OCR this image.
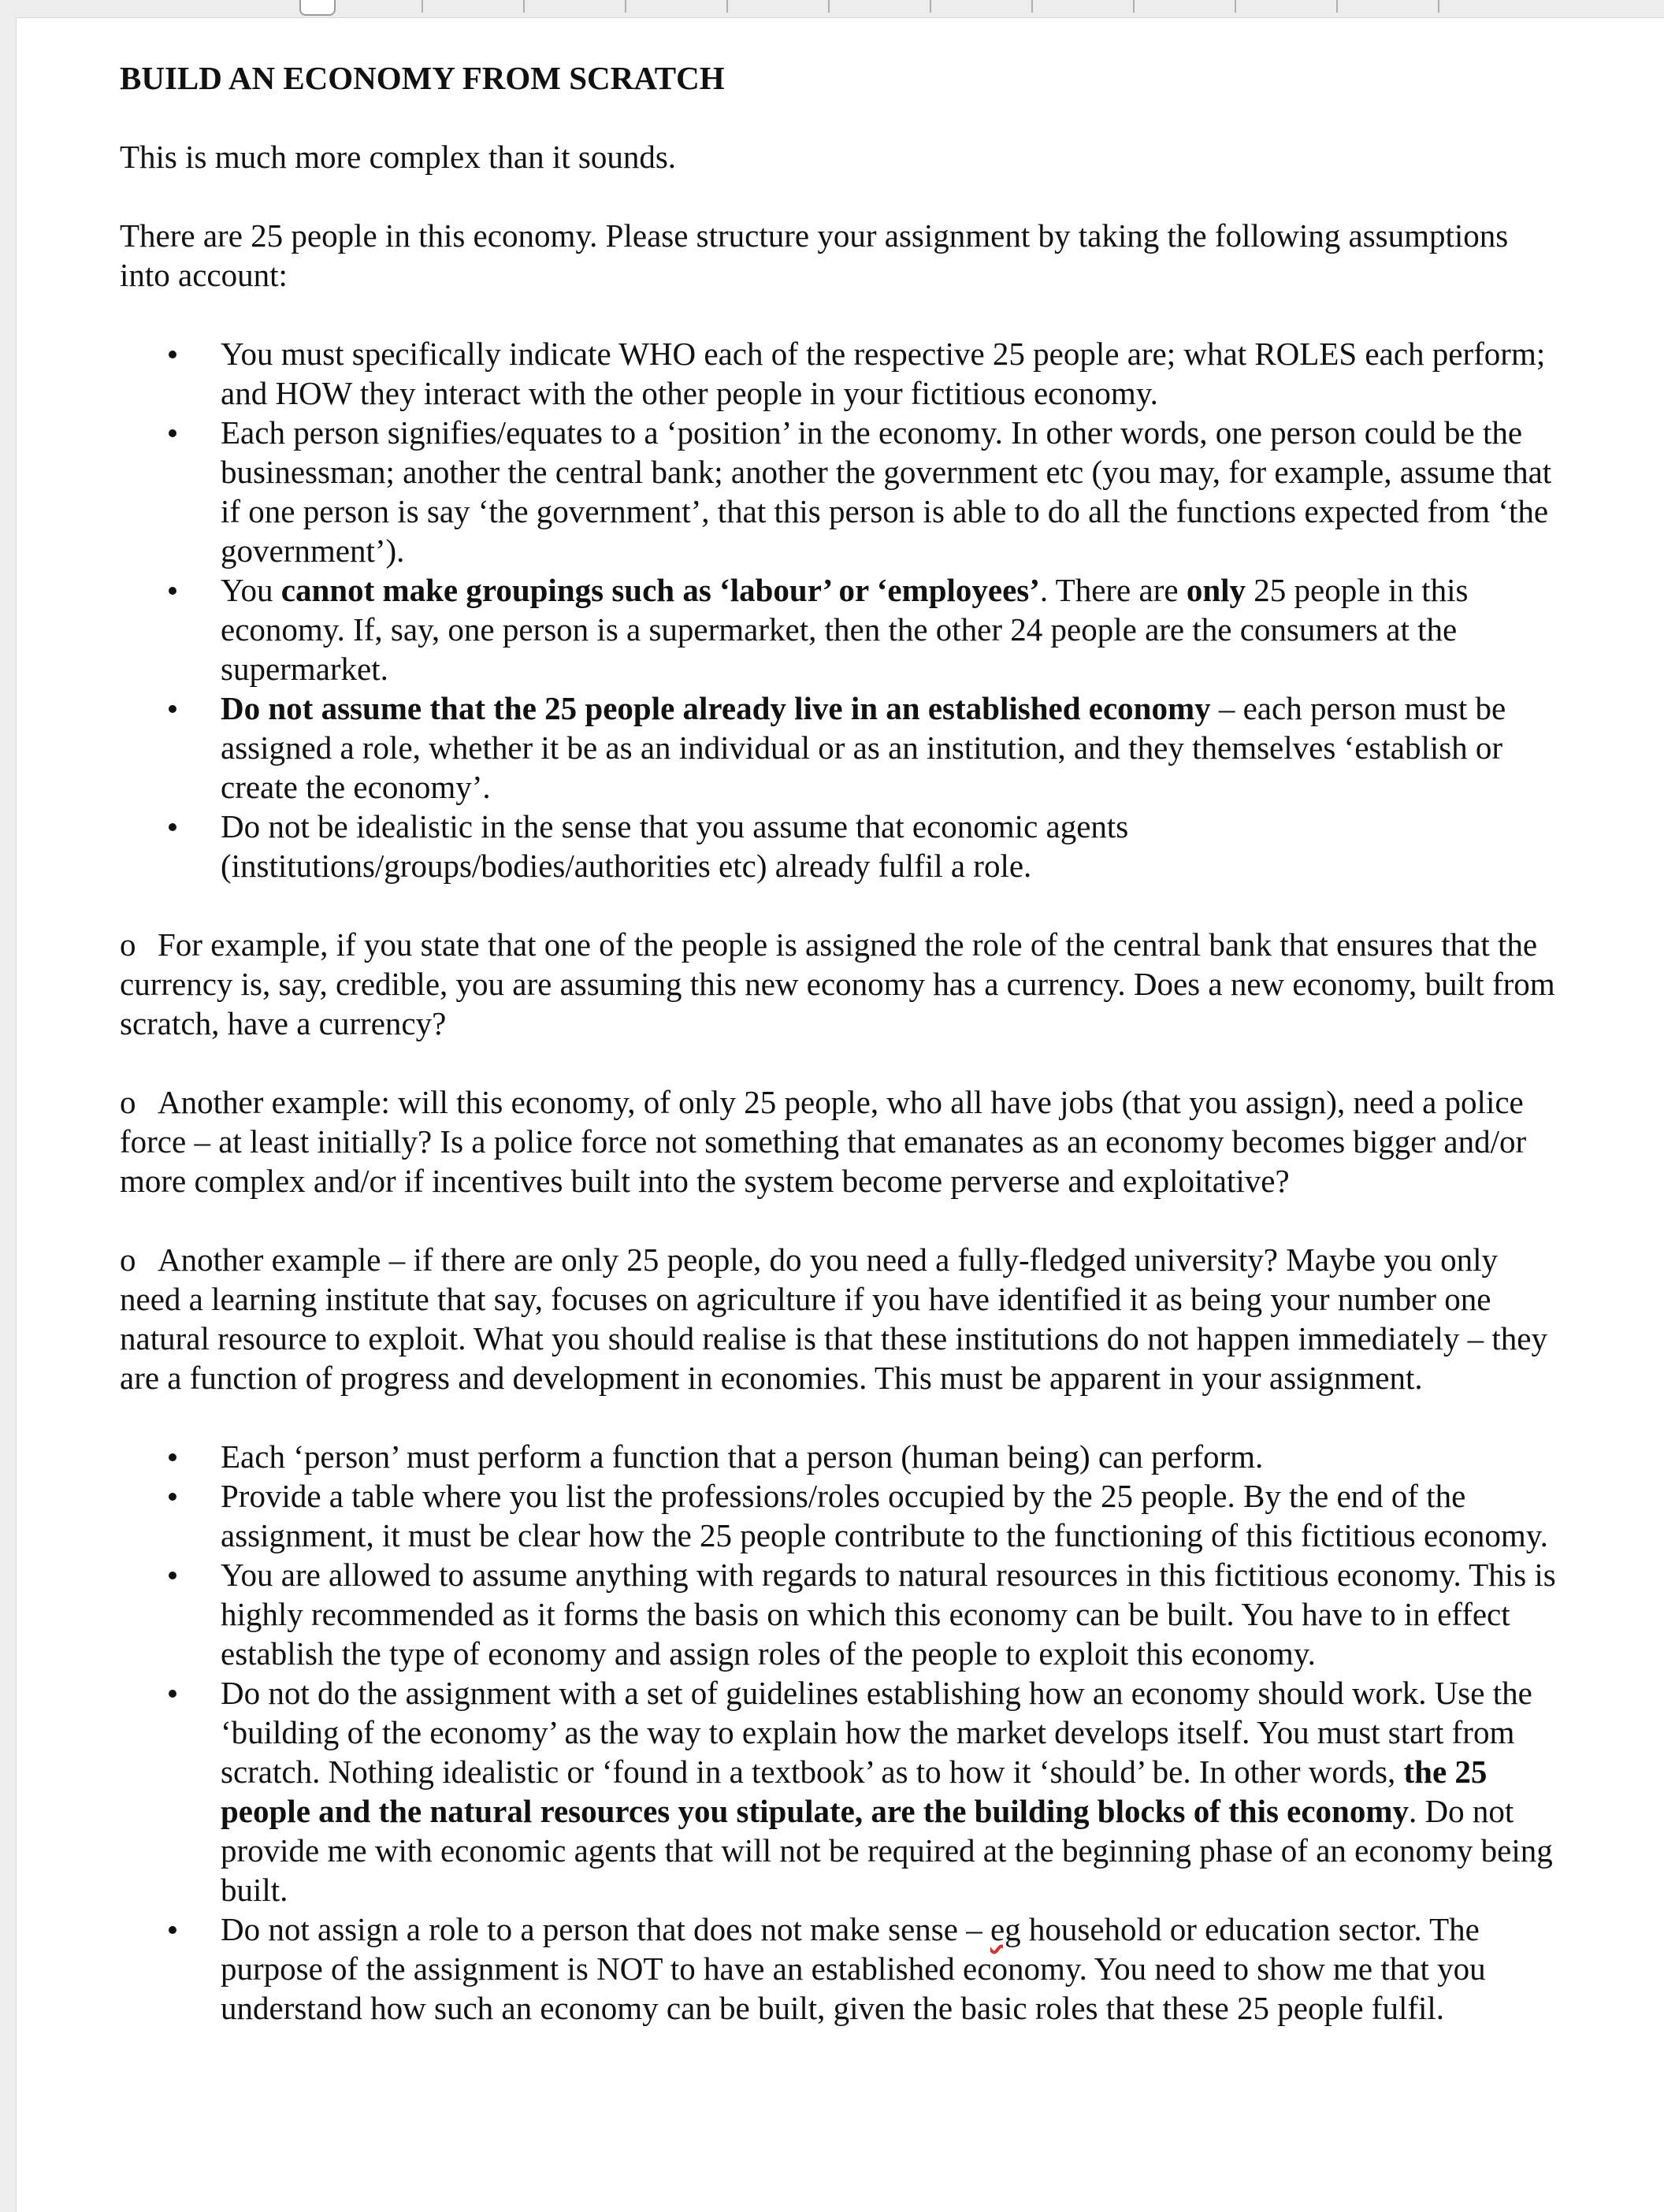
BUILD AN ECONOMY FROM SCRATCH

This is much more complex than it sounds.

There are 25 people in this economy. Please structure your assignment by taking the following assumptions into account:

You must specifically indicate WHO each of the respective 25 people are; what ROLES each perform; and HOW they interact with the other people in your fictitious economy.
Each person signifies/equates to a ‘position’ in the economy. In other words, one person could be the businessman; another the central bank; another the government etc (you may, for example, assume that if one person is say ‘the government’, that this person is able to do all the functions expected from ‘the government’).
You cannot make groupings such as ‘labour’ or ‘employees’. There are only 25 people in this economy. If, say, one person is a supermarket, then the other 24 people are the consumers at the supermarket.
Do not assume that the 25 people already live in an established economy – each person must be assigned a role, whether it be as an individual or as an institution, and they themselves ‘establish or create the economy’.
Do not be idealistic in the sense that you assume that economic agents (institutions/groups/bodies/authorities etc) already fulfil a role.

o For example, if you state that one of the people is assigned the role of the central bank that ensures that the currency is, say, credible, you are assuming this new economy has a currency. Does a new economy, built from scratch, have a currency?

o Another example: will this economy, of only 25 people, who all have jobs (that you assign), need a police force – at least initially? Is a police force not something that emanates as an economy becomes bigger and/or more complex and/or if incentives built into the system become perverse and exploitative?

o Another example – if there are only 25 people, do you need a fully-fledged university? Maybe you only need a learning institute that say, focuses on agriculture if you have identified it as being your number one natural resource to exploit. What you should realise is that these institutions do not happen immediately – they are a function of progress and development in economies. This must be apparent in your assignment.

Each ‘person’ must perform a function that a person (human being) can perform.
Provide a table where you list the professions/roles occupied by the 25 people. By the end of the assignment, it must be clear how the 25 people contribute to the functioning of this fictitious economy.
You are allowed to assume anything with regards to natural resources in this fictitious economy. This is highly recommended as it forms the basis on which this economy can be built. You have to in effect establish the type of economy and assign roles of the people to exploit this economy.
Do not do the assignment with a set of guidelines establishing how an economy should work. Use the ‘building of the economy’ as the way to explain how the market develops itself. You must start from scratch. Nothing idealistic or ‘found in a textbook’ as to how it ‘should’ be. In other words, the 25 people and the natural resources you stipulate, are the building blocks of this economy. Do not provide me with economic agents that will not be required at the beginning phase of an economy being built.
Do not assign a role to a person that does not make sense – eg household or education sector. The purpose of the assignment is NOT to have an established economy. You need to show me that you understand how such an economy can be built, given the basic roles that these 25 people fulfil.
